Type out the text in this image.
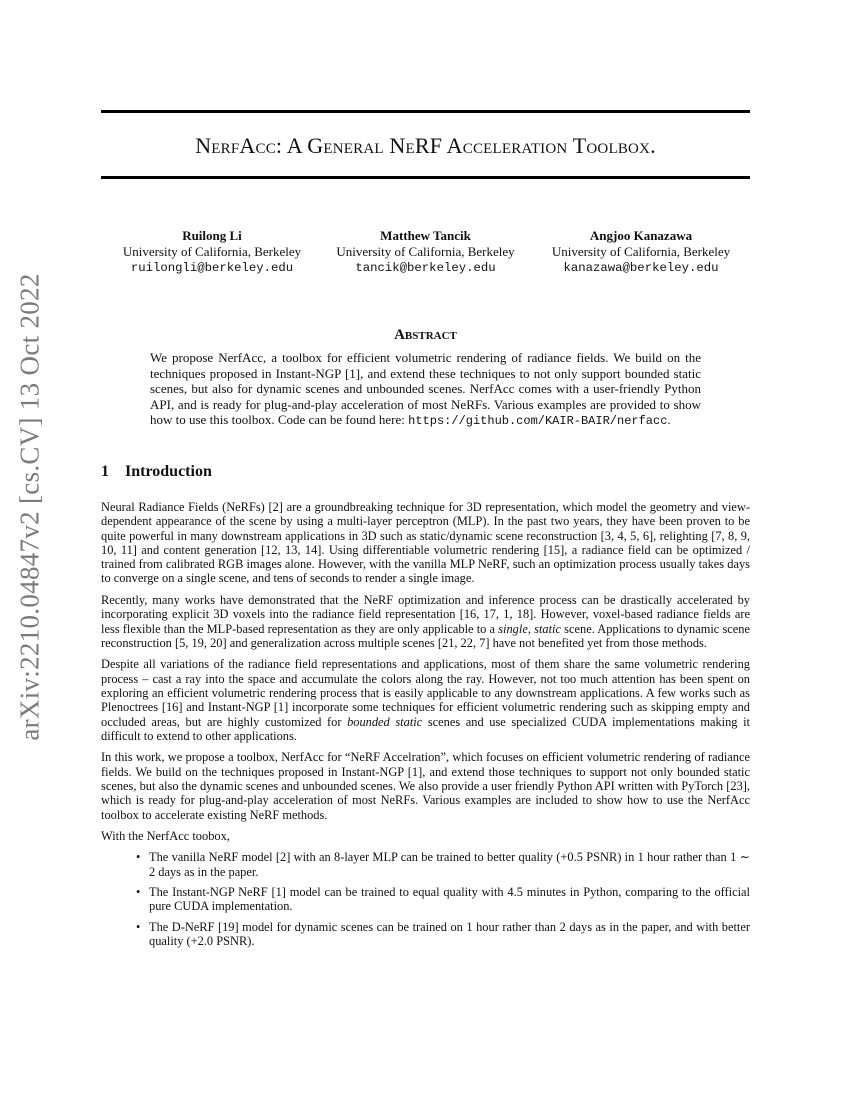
arXiv:2210.04847v2 [cs.CV] 13 Oct 2022
NerfAcc: A General NeRF Acceleration Toolbox.
Ruilong Li
University of California, Berkeley
ruilongli@berkeley.edu
Matthew Tancik
University of California, Berkeley
tancik@berkeley.edu
Angjoo Kanazawa
University of California, Berkeley
kanazawa@berkeley.edu
Abstract
We propose NerfAcc, a toolbox for efficient volumetric rendering of radiance fields. We build on the techniques proposed in Instant-NGP [1], and extend these techniques to not only support bounded static scenes, but also for dynamic scenes and unbounded scenes. NerfAcc comes with a user-friendly Python API, and is ready for plug-and-play acceleration of most NeRFs. Various examples are provided to show how to use this toolbox. Code can be found here: https://github.com/KAIR-BAIR/nerfacc.
1 Introduction

Neural Radiance Fields (NeRFs) [2] are a groundbreaking technique for 3D representation, which model the geometry and view-dependent appearance of the scene by using a multi-layer perceptron (MLP). In the past two years, they have been proven to be quite powerful in many downstream applications in 3D such as static/dynamic scene reconstruction [3, 4, 5, 6], relighting [7, 8, 9, 10, 11] and content generation [12, 13, 14]. Using differentiable volumetric rendering [15], a radiance field can be optimized / trained from calibrated RGB images alone. However, with the vanilla MLP NeRF, such an optimization process usually takes days to converge on a single scene, and tens of seconds to render a single image.

Recently, many works have demonstrated that the NeRF optimization and inference process can be drastically accelerated by incorporating explicit 3D voxels into the radiance field representation [16, 17, 1, 18]. However, voxel-based radiance fields are less flexible than the MLP-based representation as they are only applicable to a single, static scene. Applications to dynamic scene reconstruction [5, 19, 20] and generalization across multiple scenes [21, 22, 7] have not benefited yet from those methods.

Despite all variations of the radiance field representations and applications, most of them share the same volumetric rendering process – cast a ray into the space and accumulate the colors along the ray. However, not too much attention has been spent on exploring an efficient volumetric rendering process that is easily applicable to any downstream applications. A few works such as Plenoctrees [16] and Instant-NGP [1] incorporate some techniques for efficient volumetric rendering such as skipping empty and occluded areas, but are highly customized for bounded static scenes and use specialized CUDA implementations making it difficult to extend to other applications.

In this work, we propose a toolbox, NerfAcc for “NeRF Accelration”, which focuses on efficient volumetric rendering of radiance fields. We build on the techniques proposed in Instant-NGP [1], and extend those techniques to support not only bounded static scenes, but also the dynamic scenes and unbounded scenes. We also provide a user friendly Python API written with PyTorch [23], which is ready for plug-and-play acceleration of most NeRFs. Various examples are included to show how to use the NerfAcc toolbox to accelerate existing NeRF methods.

With the NerfAcc toobox,

• The vanilla NeRF model [2] with an 8-layer MLP can be trained to better quality (+0.5 PSNR) in 1 hour rather than 1 ∼ 2 days as in the paper.
• The Instant-NGP NeRF [1] model can be trained to equal quality with 4.5 minutes in Python, comparing to the official pure CUDA implementation.
• The D-NeRF [19] model for dynamic scenes can be trained on 1 hour rather than 2 days as in the paper, and with better quality (+2.0 PSNR).
